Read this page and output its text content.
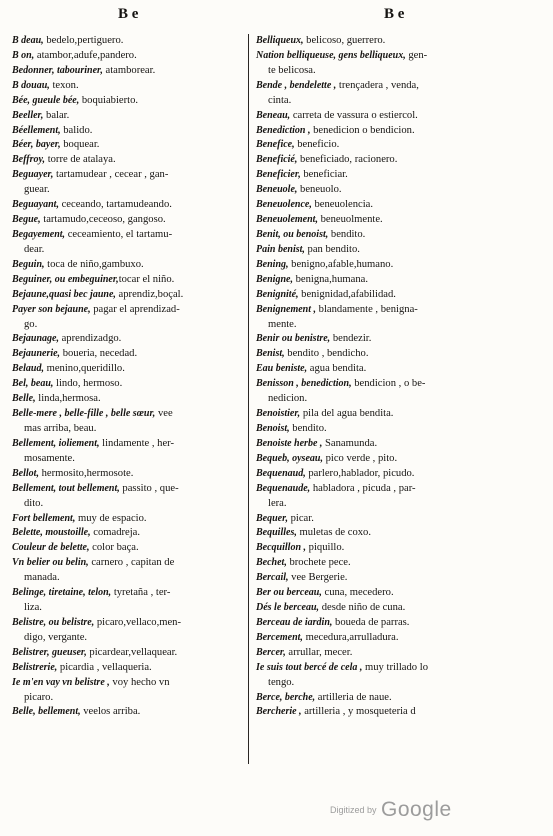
B e	B e
B deau, bedelo,pertiguero.
B on, atambor,adufe,pandero.
Bedonner, tabouriner, atamborear.
B douau, texon.
Bée, gueule bée, boquiabierto.
Beeller, balar.
Béellement, balido.
Béer, bayer, boquear.
Beffroy, torre de atalaya.
Beguayer, tartamudear , cecear , gan-
guear.
Beguayant, ceceando, tartamudeando.
Begue, tartamudo,ceceoso, gangoso.
Begayement, ceceamiento, el tartamu-
dear.
Beguin, toca de niño,gambuxo.
Beguiner, ou embeguiner,tocar el niño.
Bejaune,quasi bec jaune, aprendiz,boçal.
Payer son bejaune, pagar el aprendizad-
go.
Bejaunage, aprendizadgo.
Bejaunerie, boueria, necedad.
Belaud, menino,queridillo.
Bel, beau, lindo, hermoso.
Belle, linda,hermosa.
Belle-mere , belle-fille , belle sœur, vee
mas arriba, beau.
Bellement, ioliement, lindamente , her-
mosamente.
Bellot, hermosito,hermosote.
Bellement, tout bellement, passito , que-
dito.
Fort bellement, muy de espacio.
Belette, moustoille, comadreja.
Couleur de belette, color baça.
Vn belier ou belin, carnero , capitan de
manada.
Belinge, tiretaine, telon, tyretaña , ter-
liza.
Belistre, ou belistre, picaro,vellaco,men-
digo, vergante.
Belistrer, gueuser, picardear,vellaquear.
Belistrerie, picardia , vellaqueria.
Ie m'en vay vn belistre , voy hecho vn
picaro.
Belle, bellement, veelos arriba.
Belliqueux, belicoso, guerrero.
Nation belliqueuse, gens belliqueux, gen-
te belicosa.
Bende , bendelette , trençadera , venda,
cinta.
Beneau, carreta de vassura o estiercol.
Benediction , benedicion o bendicion.
Benefice, beneficio.
Beneficié, beneficiado, racionero.
Beneficier, beneficiar.
Beneuole, beneuolo.
Beneuolence, beneuolencia.
Beneuolement, beneuolmente.
Benit, ou benoist, bendito.
Pain benist, pan bendito.
Bening, benigno,afable,humano.
Benigne, benigna,humana.
Benignité, benignidad,afabilidad.
Benignement , blandamente , benigna-
mente.
Benir ou benistre, bendezir.
Benist, bendito , bendicho.
Eau beniste, agua bendita.
Benisson , benediction, bendicion , o be-
nedicion.
Benoistier, pila del agua bendita.
Benoist, bendito.
Benoiste herbe , Sanamunda.
Bequeb, oyseau, pico verde , pito.
Bequenaud, parlero,hablador, picudo.
Bequenaude, habladora , picuda , par-
lera.
Bequer, picar.
Bequilles, muletas de coxo.
Becquillon , piquillo.
Bechet, brochete pece.
Bercail, vee Bergerie.
Ber ou berceau, cuna, mecedero.
Dés le berceau, desde niño de cuna.
Berceau de iardin, boueda de parras.
Bercement, mecedura,arrulladura.
Bercer, arrullar, mecer.
Ie suis tout bercé de cela , muy trillado lo
tengo.
Berce, berche, artilleria de naue.
Bercherie , artilleria , y mosqueteria d
Digitized by Google
